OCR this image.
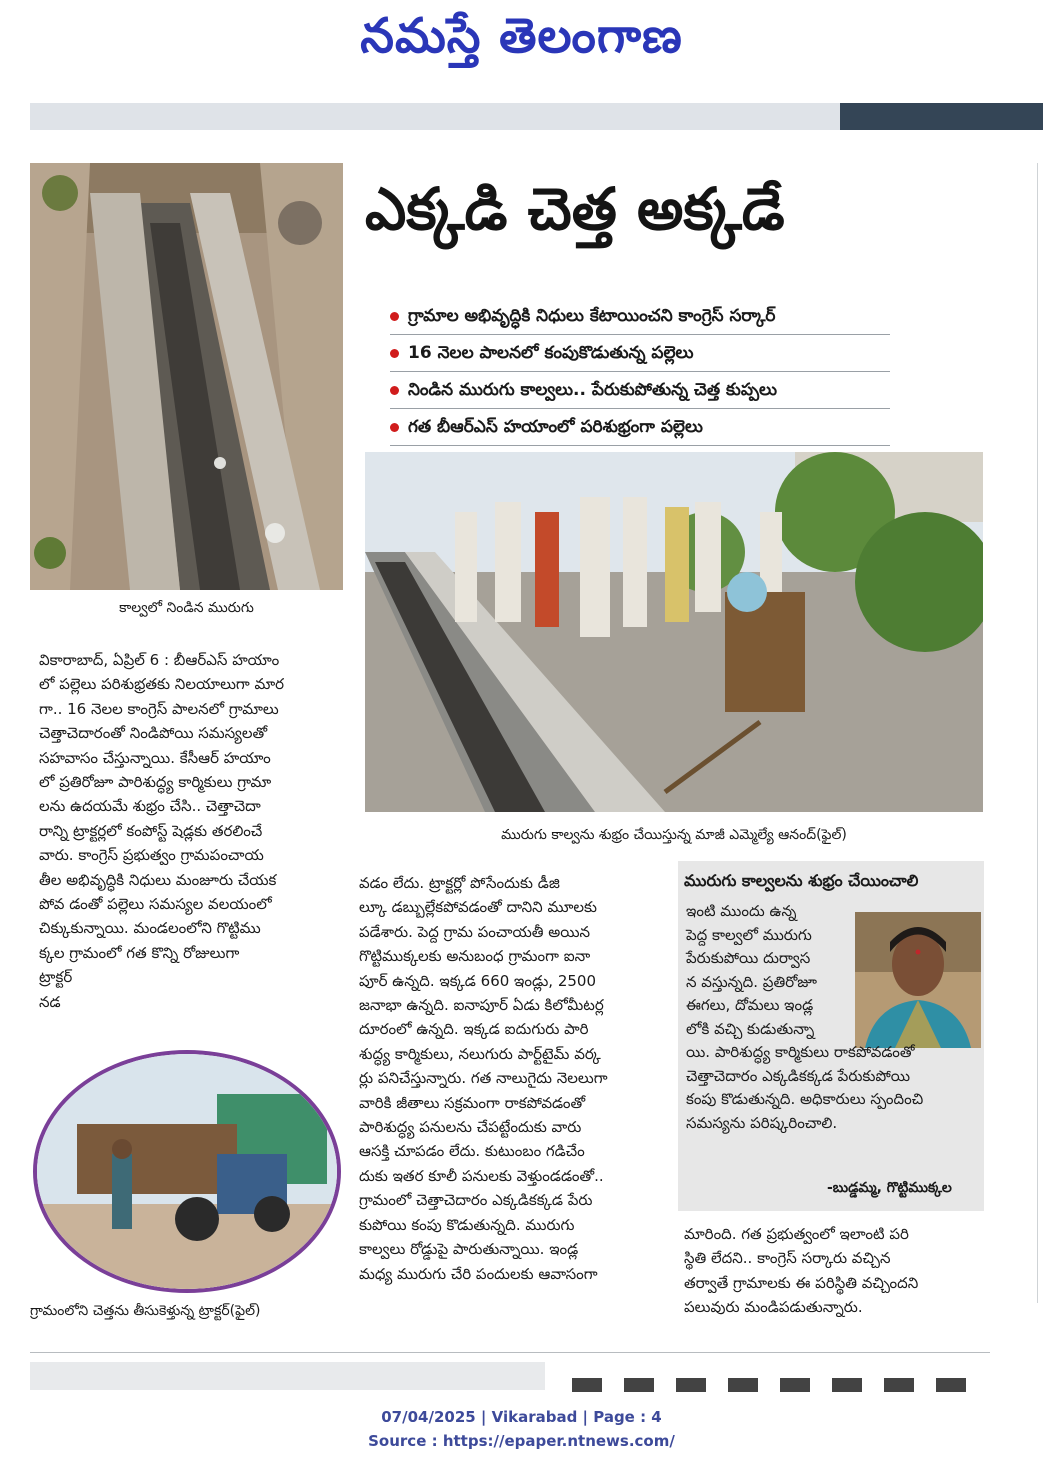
నమస్తే తెలంగాణ
కాల్వలో నిండిన మురుగు
ఎక్కడి చెత్త అక్కడే
గ్రామాల అభివృద్ధికి నిధులు కేటాయించని కాంగ్రెస్ సర్కార్
16 నెలల పాలనలో కంపుకొడుతున్న పల్లెలు
నిండిన మురుగు కాల్వలు.. పేరుకుపోతున్న చెత్త కుప్పలు
గత బీఆర్ఎస్ హయాంలో పరిశుభ్రంగా పల్లెలు
మురుగు కాల్వను శుభ్రం చేయిస్తున్న మాజీ ఎమ్మెల్యే ఆనంద్(ఫైల్)

వికారాబాద్, ఏప్రిల్ 6 : బీఆర్ఎస్ హయాం

లో పల్లెలు పరిశుభ్రతకు నిలయాలుగా మార

గా.. 16 నెలల కాంగ్రెస్ పాలనలో గ్రామాలు

చెత్తాచెదారంతో నిండిపోయి సమస్యలతో

సహవాసం చేస్తున్నాయి. కేసీఆర్ హయాం

లో ప్రతిరోజూ పారిశుద్ధ్య కార్మికులు గ్రామా

లను ఉదయమే శుభ్రం చేసి.. చెత్తాచెదా

రాన్ని ట్రాక్టర్లలో కంపోస్ట్ షెడ్లకు తరలించే

వారు. కాంగ్రెస్ ప్రభుత్వం గ్రామపంచాయ

తీల అభివృద్ధికి నిధులు మంజూరు చేయక

పోవ డంతో పల్లెలు సమస్యల వలయంలో

చిక్కుకున్నాయి. మండలంలోని గొట్టిము

క్కల గ్రామంలో గత కొన్ని రోజులుగా

ట్రాక్టర్

నడ

గ్రామంలోని చెత్తను తీసుకెళ్తున్న ట్రాక్టర్(ఫైల్)

వడం లేదు. ట్రాక్టర్లో పోసేందుకు డీజి

ల్కూ డబ్బుల్లేకపోవడంతో దానిని మూలకు

పడేశారు. పెద్ద గ్రామ పంచాయతీ అయిన

గొట్టిముక్కలకు అనుబంధ గ్రామంగా ఐనా

పూర్ ఉన్నది. ఇక్కడ 660 ఇండ్లు, 2500

జనాభా ఉన్నది. ఐనాపూర్ ఏడు కిలోమీటర్ల

దూరంలో ఉన్నది. ఇక్కడ ఐదుగురు పారి

శుద్ధ్య కార్మికులు, నలుగురు పార్ట్‌టైమ్ వర్క

ర్లు పనిచేస్తున్నారు. గత నాలుగైదు నెలలుగా

వారికి జీతాలు సక్రమంగా రాకపోవడంతో

పారిశుద్ధ్య పనులను చేపట్టేందుకు వారు

ఆసక్తి చూపడం లేదు. కుటుంబం గడిచేం

దుకు ఇతర కూలీ పనులకు వెళ్తుండడంతో..

గ్రామంలో చెత్తాచెదారం ఎక్కడికక్కడ పేరు

కుపోయి కంపు కొడుతున్నది. మురుగు

కాల్వలు రోడ్డుపై పారుతున్నాయి. ఇండ్ల

మధ్య మురుగు చేరి పందులకు ఆవాసంగా

మురుగు కాల్వలను శుభ్రం చేయించాలి
ఇంటి ముందు ఉన్న
పెద్ద కాల్వలో మురుగు
పేరుకుపోయి దుర్వాస
న వస్తున్నది. ప్రతిరోజూ
ఈగలు, దోమలు ఇండ్ల
లోకి వచ్చి కుడుతున్నా
యి. పారిశుద్ధ్య కార్మికులు రాకపోవడంతో
చెత్తాచెదారం ఎక్కడికక్కడ పేరుకుపోయి
కంపు కొడుతున్నది. అధికారులు స్పందించి
సమస్యను పరిష్కరించాలి.
-బుడ్డమ్మ, గొట్టిముక్కల

మారింది. గత ప్రభుత్వంలో ఇలాంటి పరి

స్థితి లేదని.. కాంగ్రెస్ సర్కారు వచ్చిన

తర్వాతే గ్రామాలకు ఈ పరిస్థితి వచ్చిందని

పలువురు మండిపడుతున్నారు.

07/04/2025 | Vikarabad | Page : 4
Source : https://epaper.ntnews.com/
